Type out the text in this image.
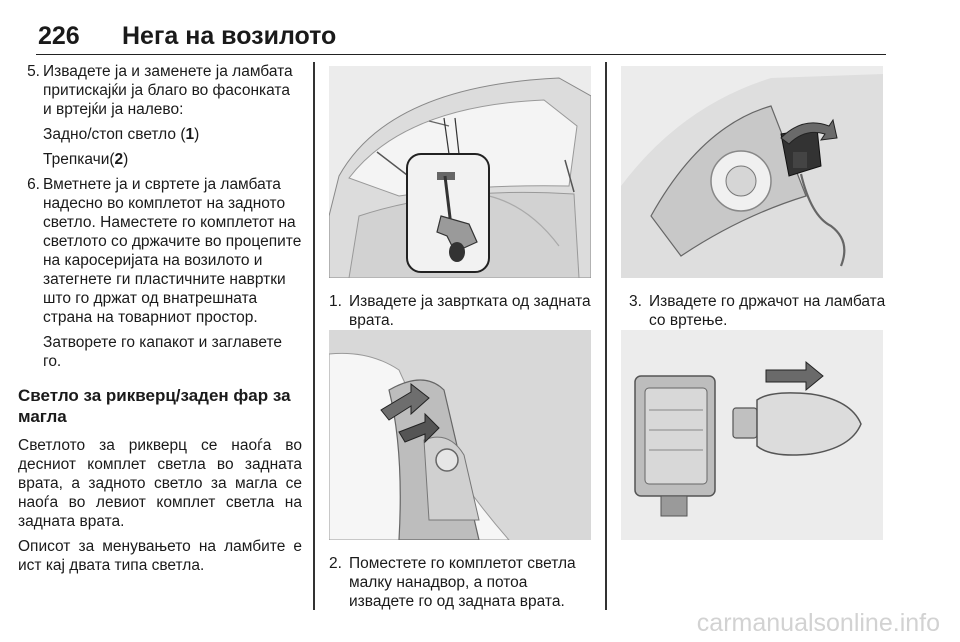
226 Нега на возилото
5. Извадете ја и заменете ја ламбата притискајќи ја благо во фасонката и вртејќи ја налево:
Задно/стоп светло (1)
Трепкачи(2)
6. Вметнете ја и свртете ја ламбата надесно во комплетот на задното светло. Наместете го комплетот на светлото со држачите во процепите на каросеријата на возилото и затегнете ги пластичните навртки што го држат од внатрешната страна на товарниот простор.
Затворете го капакот и заглавете го.
Светло за рикверц/заден фар за магла
Светлото за рикверц се наоѓа во десниот комплет светла во задната врата, а задното светло за магла се наоѓа во левиот комплет светла на задната врата.
Описот за менувањето на ламбите е ист кај двата типа светла.
1. Извадете ја завртката од задната врата.
2. Поместете го комплетот светла малку нанадвор, а потоа извадете го од задната врата.
3. Извадете го држачот на ламбата со вртење.
carmanualsonline.info
